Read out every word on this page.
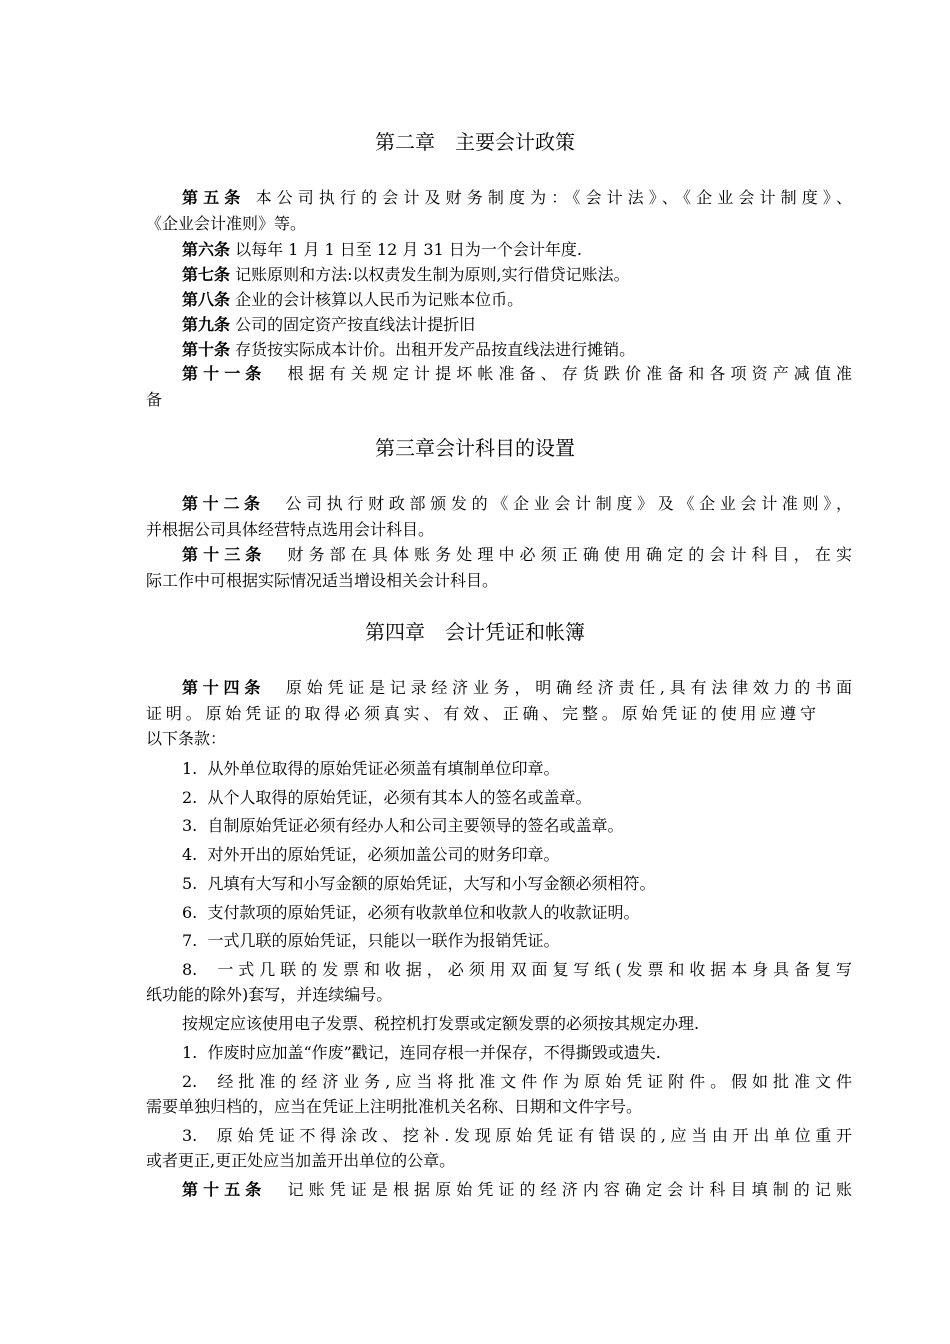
第二章　主要会计政策
第五条 本公司执行的会计及财务制度为：《会计法》、《企业会计制度》、
《企业会计准则》等。
第六条 以每年 1 月 1 日至 12 月 31 日为一个会计年度.
第七条 记账原则和方法:以权责发生制为原则,实行借贷记账法。
第八条 企业的会计核算以人民币为记账本位币。
第九条 公司的固定资产按直线法计提折旧
第十条 存货按实际成本计价。出租开发产品按直线法进行摊销。
第十一条　根据有关规定计提坏帐准备、存货跌价准备和各项资产减值准
备
第三章会计科目的设置
第十二条　公司执行财政部颁发的《企业会计制度》及《企业会计准则》，
并根据公司具体经营特点选用会计科目。
第十三条　财务部在具体账务处理中必须正确使用确定的会计科目，在实
际工作中可根据实际情况适当增设相关会计科目。
第四章　会计凭证和帐簿
第十四条　原始凭证是记录经济业务，明确经济责任,具有法律效力的书面
证明。原始凭证的取得必须真实、有效、正确、完整。原始凭证的使用应遵守
以下条款：
1.  从外单位取得的原始凭证必须盖有填制单位印章。
2.  从个人取得的原始凭证，必须有其本人的签名或盖章。
3.  自制原始凭证必须有经办人和公司主要领导的签名或盖章。
4.  对外开出的原始凭证，必须加盖公司的财务印章。
5.  凡填有大写和小写金额的原始凭证，大写和小写金额必须相符。
6.  支付款项的原始凭证，必须有收款单位和收款人的收款证明。
7.  一式几联的原始凭证，只能以一联作为报销凭证。
8.  一式几联的发票和收据，必须用双面复写纸(发票和收据本身具备复写
纸功能的除外)套写，并连续编号。
按规定应该使用电子发票、税控机打发票或定额发票的必须按其规定办理.
1.  作废时应加盖“作废”戳记，连同存根一并保存，不得撕毁或遗失.
2.  经批准的经济业务,应当将批准文件作为原始凭证附件。假如批准文件
需要单独归档的，应当在凭证上注明批准机关名称、日期和文件字号。
3.  原始凭证不得涂改、挖补.发现原始凭证有错误的,应当由开出单位重开
或者更正,更正处应当加盖开出单位的公章。
第十五条　记账凭证是根据原始凭证的经济内容确定会计科目填制的记账
